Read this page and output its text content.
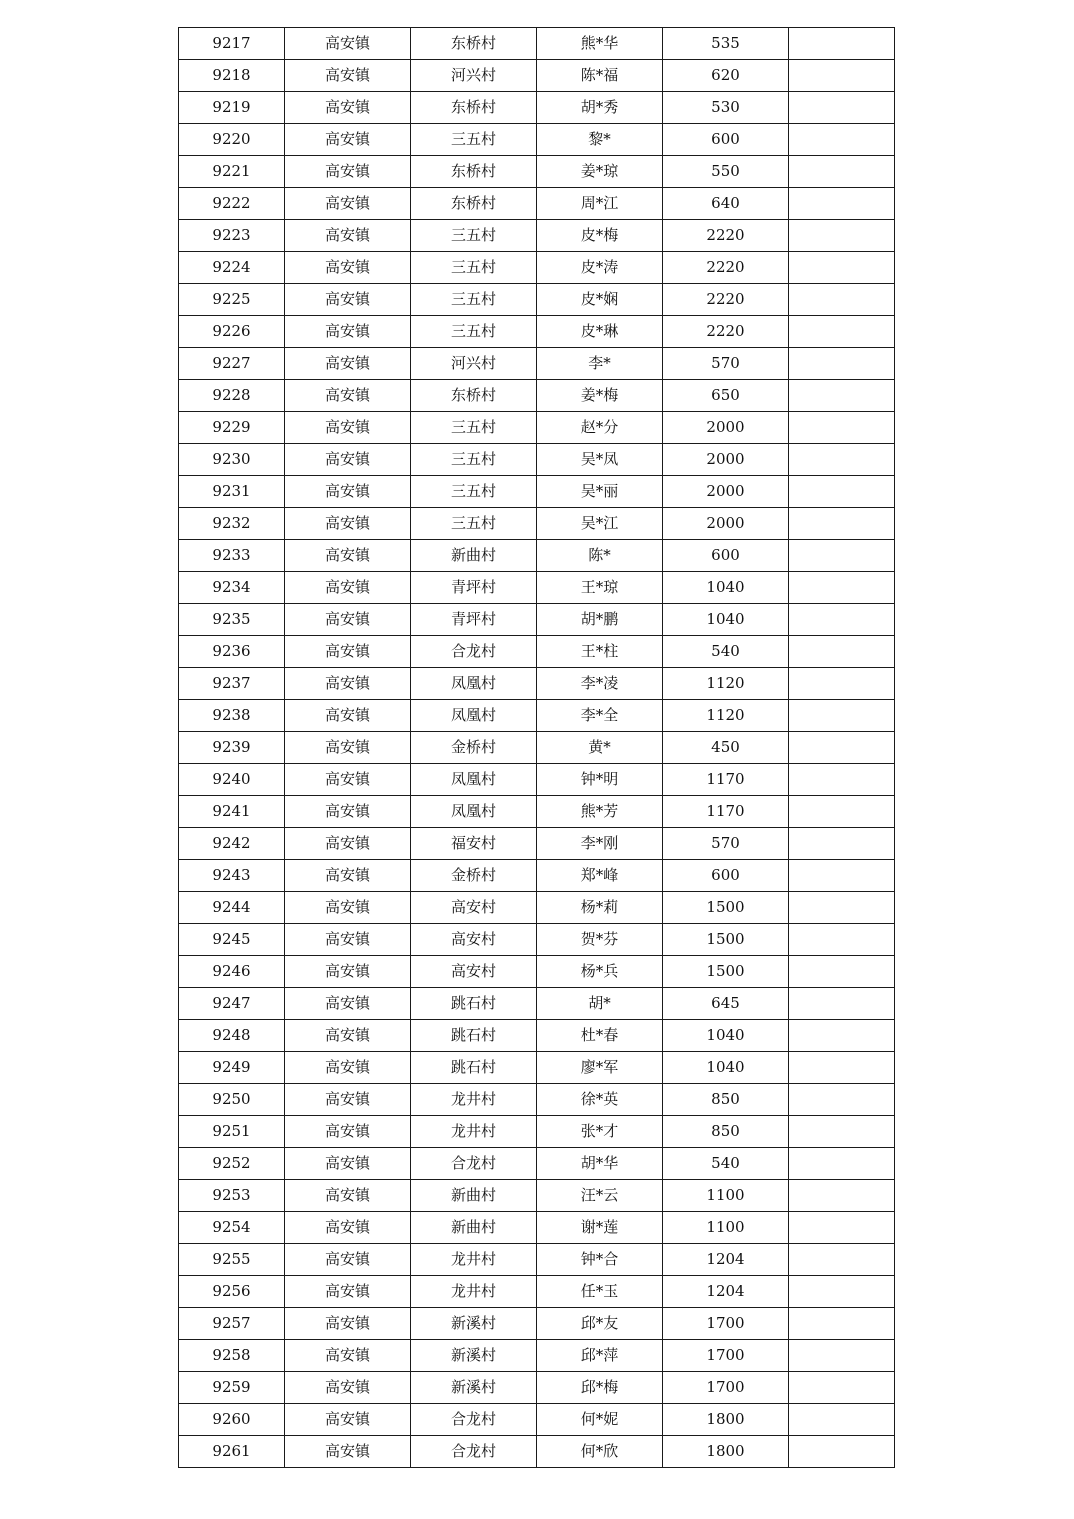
9217	高安镇	东桥村	熊*华	535	
9218	高安镇	河兴村	陈*福	620	
9219	高安镇	东桥村	胡*秀	530	
9220	高安镇	三五村	黎*	600	
9221	高安镇	东桥村	姜*琼	550	
9222	高安镇	东桥村	周*江	640	
9223	高安镇	三五村	皮*梅	2220	
9224	高安镇	三五村	皮*涛	2220	
9225	高安镇	三五村	皮*娴	2220	
9226	高安镇	三五村	皮*琳	2220	
9227	高安镇	河兴村	李*	570	
9228	高安镇	东桥村	姜*梅	650	
9229	高安镇	三五村	赵*分	2000	
9230	高安镇	三五村	吴*凤	2000	
9231	高安镇	三五村	吴*丽	2000	
9232	高安镇	三五村	吴*江	2000	
9233	高安镇	新曲村	陈*	600	
9234	高安镇	青坪村	王*琼	1040	
9235	高安镇	青坪村	胡*鹏	1040	
9236	高安镇	合龙村	王*柱	540	
9237	高安镇	凤凰村	李*凌	1120	
9238	高安镇	凤凰村	李*全	1120	
9239	高安镇	金桥村	黄*	450	
9240	高安镇	凤凰村	钟*明	1170	
9241	高安镇	凤凰村	熊*芳	1170	
9242	高安镇	福安村	李*刚	570	
9243	高安镇	金桥村	郑*峰	600	
9244	高安镇	高安村	杨*莉	1500	
9245	高安镇	高安村	贺*芬	1500	
9246	高安镇	高安村	杨*兵	1500	
9247	高安镇	跳石村	胡*	645	
9248	高安镇	跳石村	杜*春	1040	
9249	高安镇	跳石村	廖*军	1040	
9250	高安镇	龙井村	徐*英	850	
9251	高安镇	龙井村	张*才	850	
9252	高安镇	合龙村	胡*华	540	
9253	高安镇	新曲村	汪*云	1100	
9254	高安镇	新曲村	谢*莲	1100	
9255	高安镇	龙井村	钟*合	1204	
9256	高安镇	龙井村	任*玉	1204	
9257	高安镇	新溪村	邱*友	1700	
9258	高安镇	新溪村	邱*萍	1700	
9259	高安镇	新溪村	邱*梅	1700	
9260	高安镇	合龙村	何*妮	1800	
9261	高安镇	合龙村	何*欣	1800	
